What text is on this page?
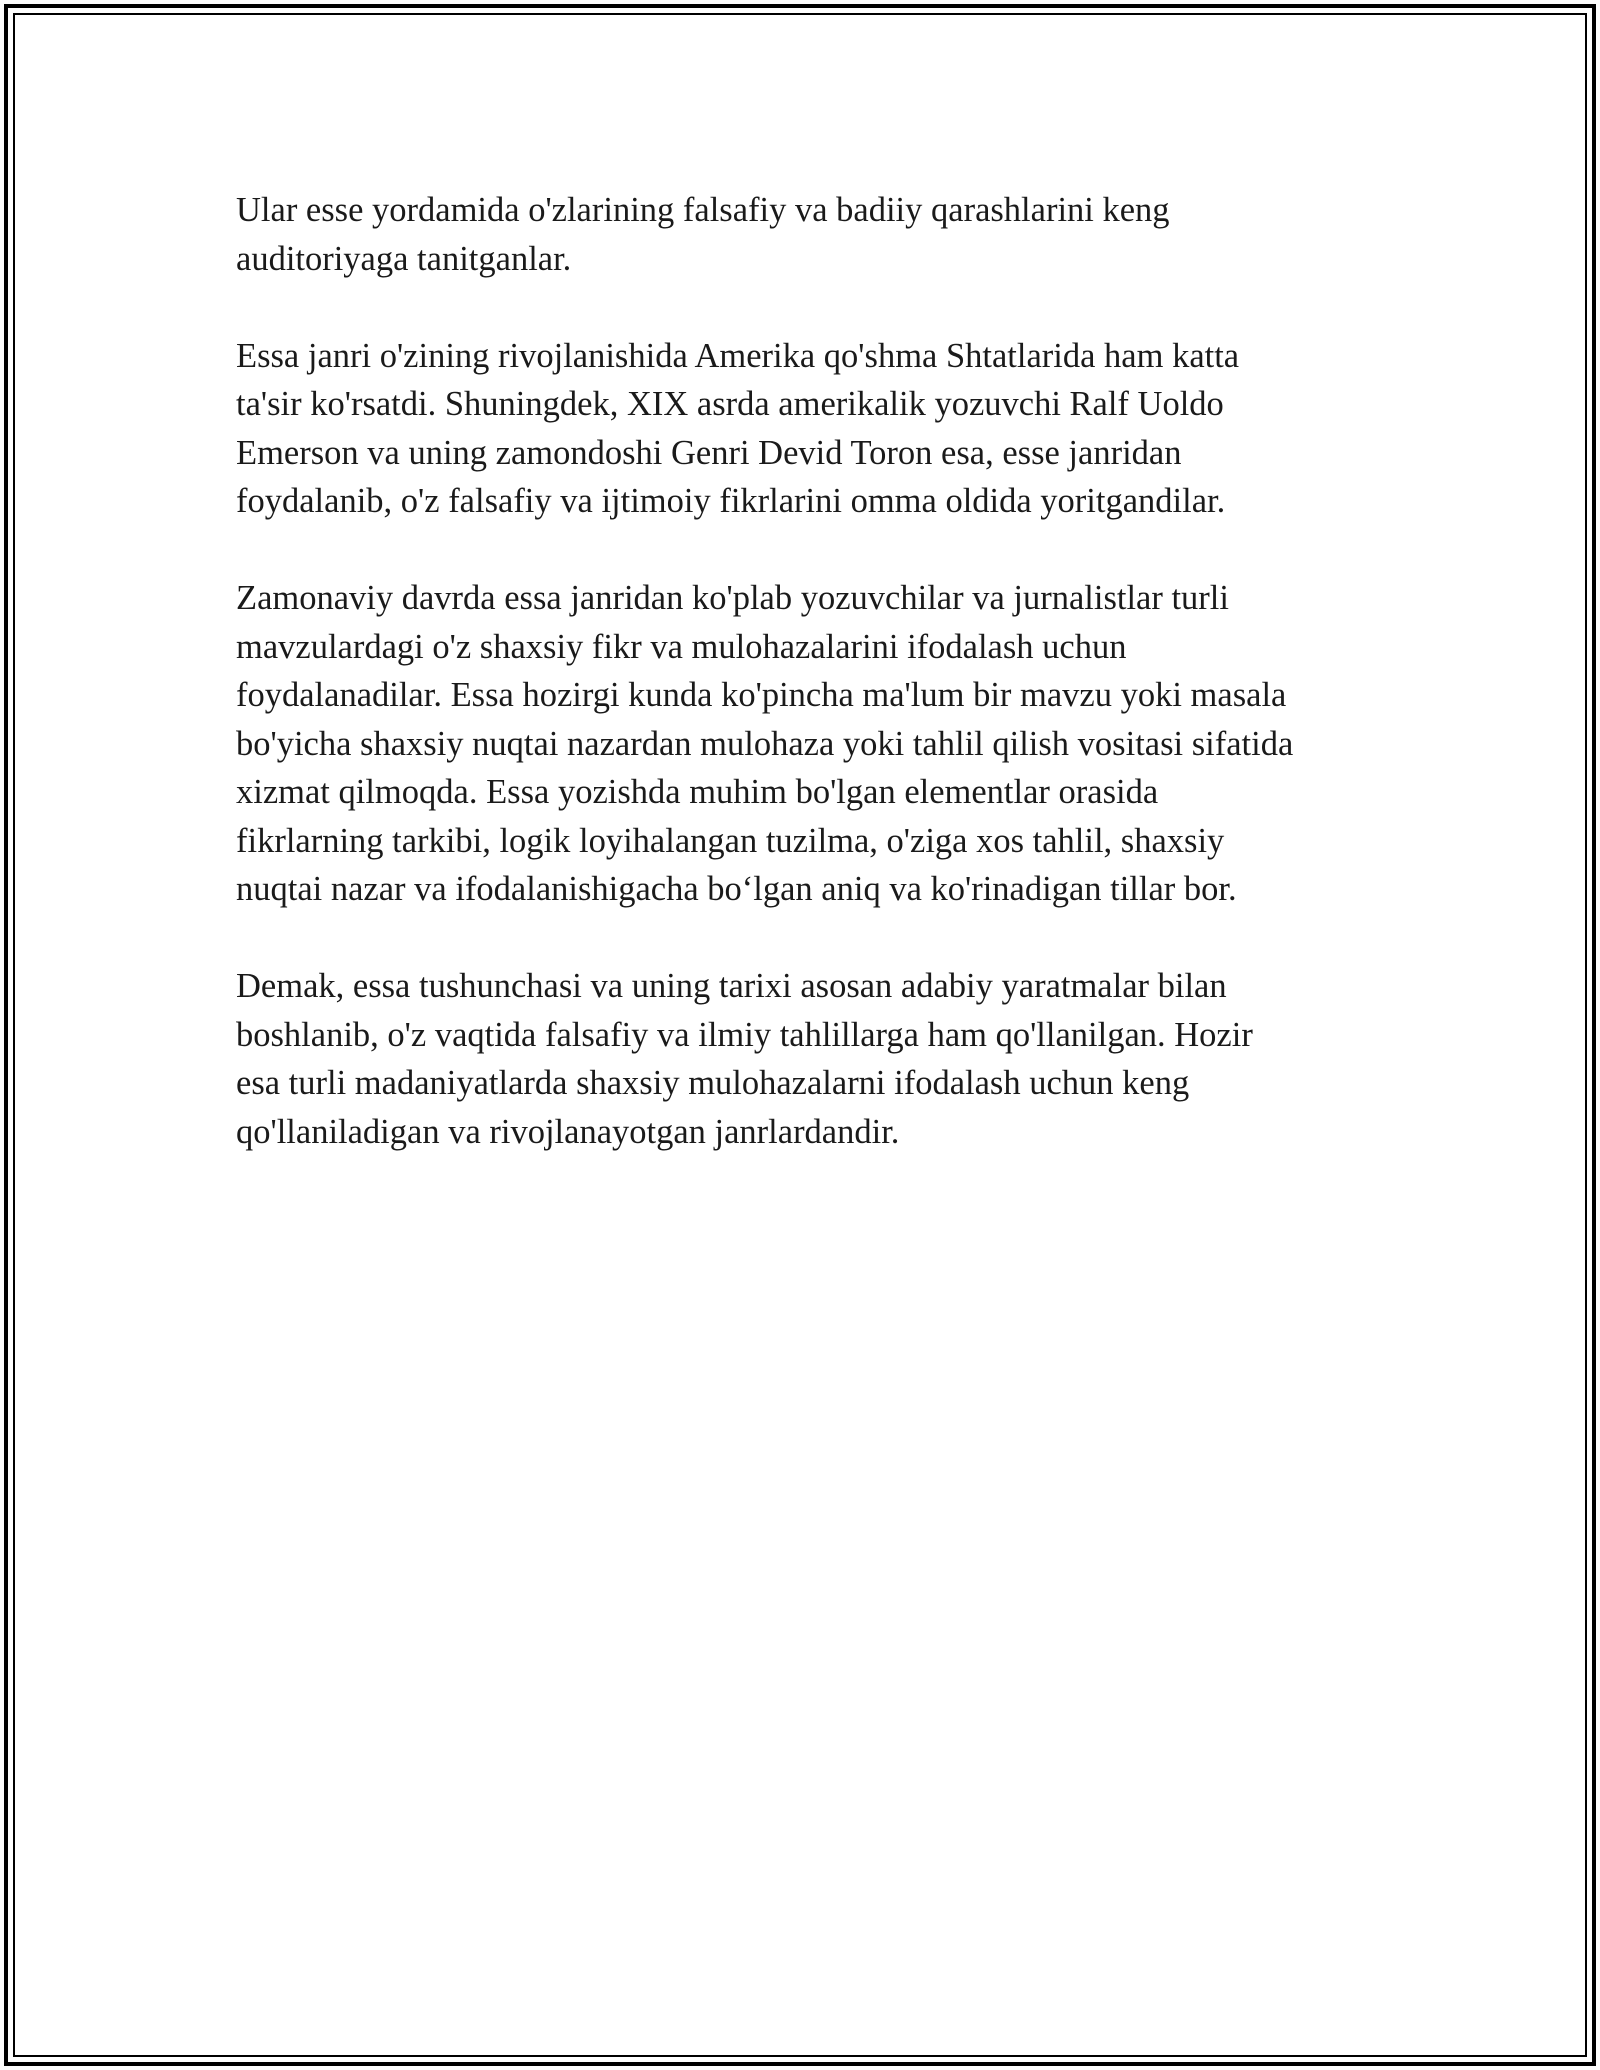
Ular esse yordamida o'zlarining falsafiy va badiiy qarashlarini keng
auditoriyaga tanitganlar.

Essa janri o'zining rivojlanishida Amerika qo'shma Shtatlarida ham katta
ta'sir ko'rsatdi. Shuningdek, XIX asrda amerikalik yozuvchi Ralf Uoldo
Emerson va uning zamondoshi Genri Devid Toron esa, esse janridan
foydalanib, o'z falsafiy va ijtimoiy fikrlarini omma oldida yoritgandilar.

Zamonaviy davrda essa janridan ko'plab yozuvchilar va jurnalistlar turli
mavzulardagi o'z shaxsiy fikr va mulohazalarini ifodalash uchun
foydalanadilar. Essa hozirgi kunda ko'pincha ma'lum bir mavzu yoki masala
bo'yicha shaxsiy nuqtai nazardan mulohaza yoki tahlil qilish vositasi sifatida
xizmat qilmoqda. Essa yozishda muhim bo'lgan elementlar orasida
fikrlarning tarkibi, logik loyihalangan tuzilma, o'ziga xos tahlil, shaxsiy
nuqtai nazar va ifodalanishigacha bo‘lgan aniq va ko'rinadigan tillar bor.

Demak, essa tushunchasi va uning tarixi asosan adabiy yaratmalar bilan
boshlanib, o'z vaqtida falsafiy va ilmiy tahlillarga ham qo'llanilgan. Hozir
esa turli madaniyatlarda shaxsiy mulohazalarni ifodalash uchun keng
qo'llaniladigan va rivojlanayotgan janrlardandir.
